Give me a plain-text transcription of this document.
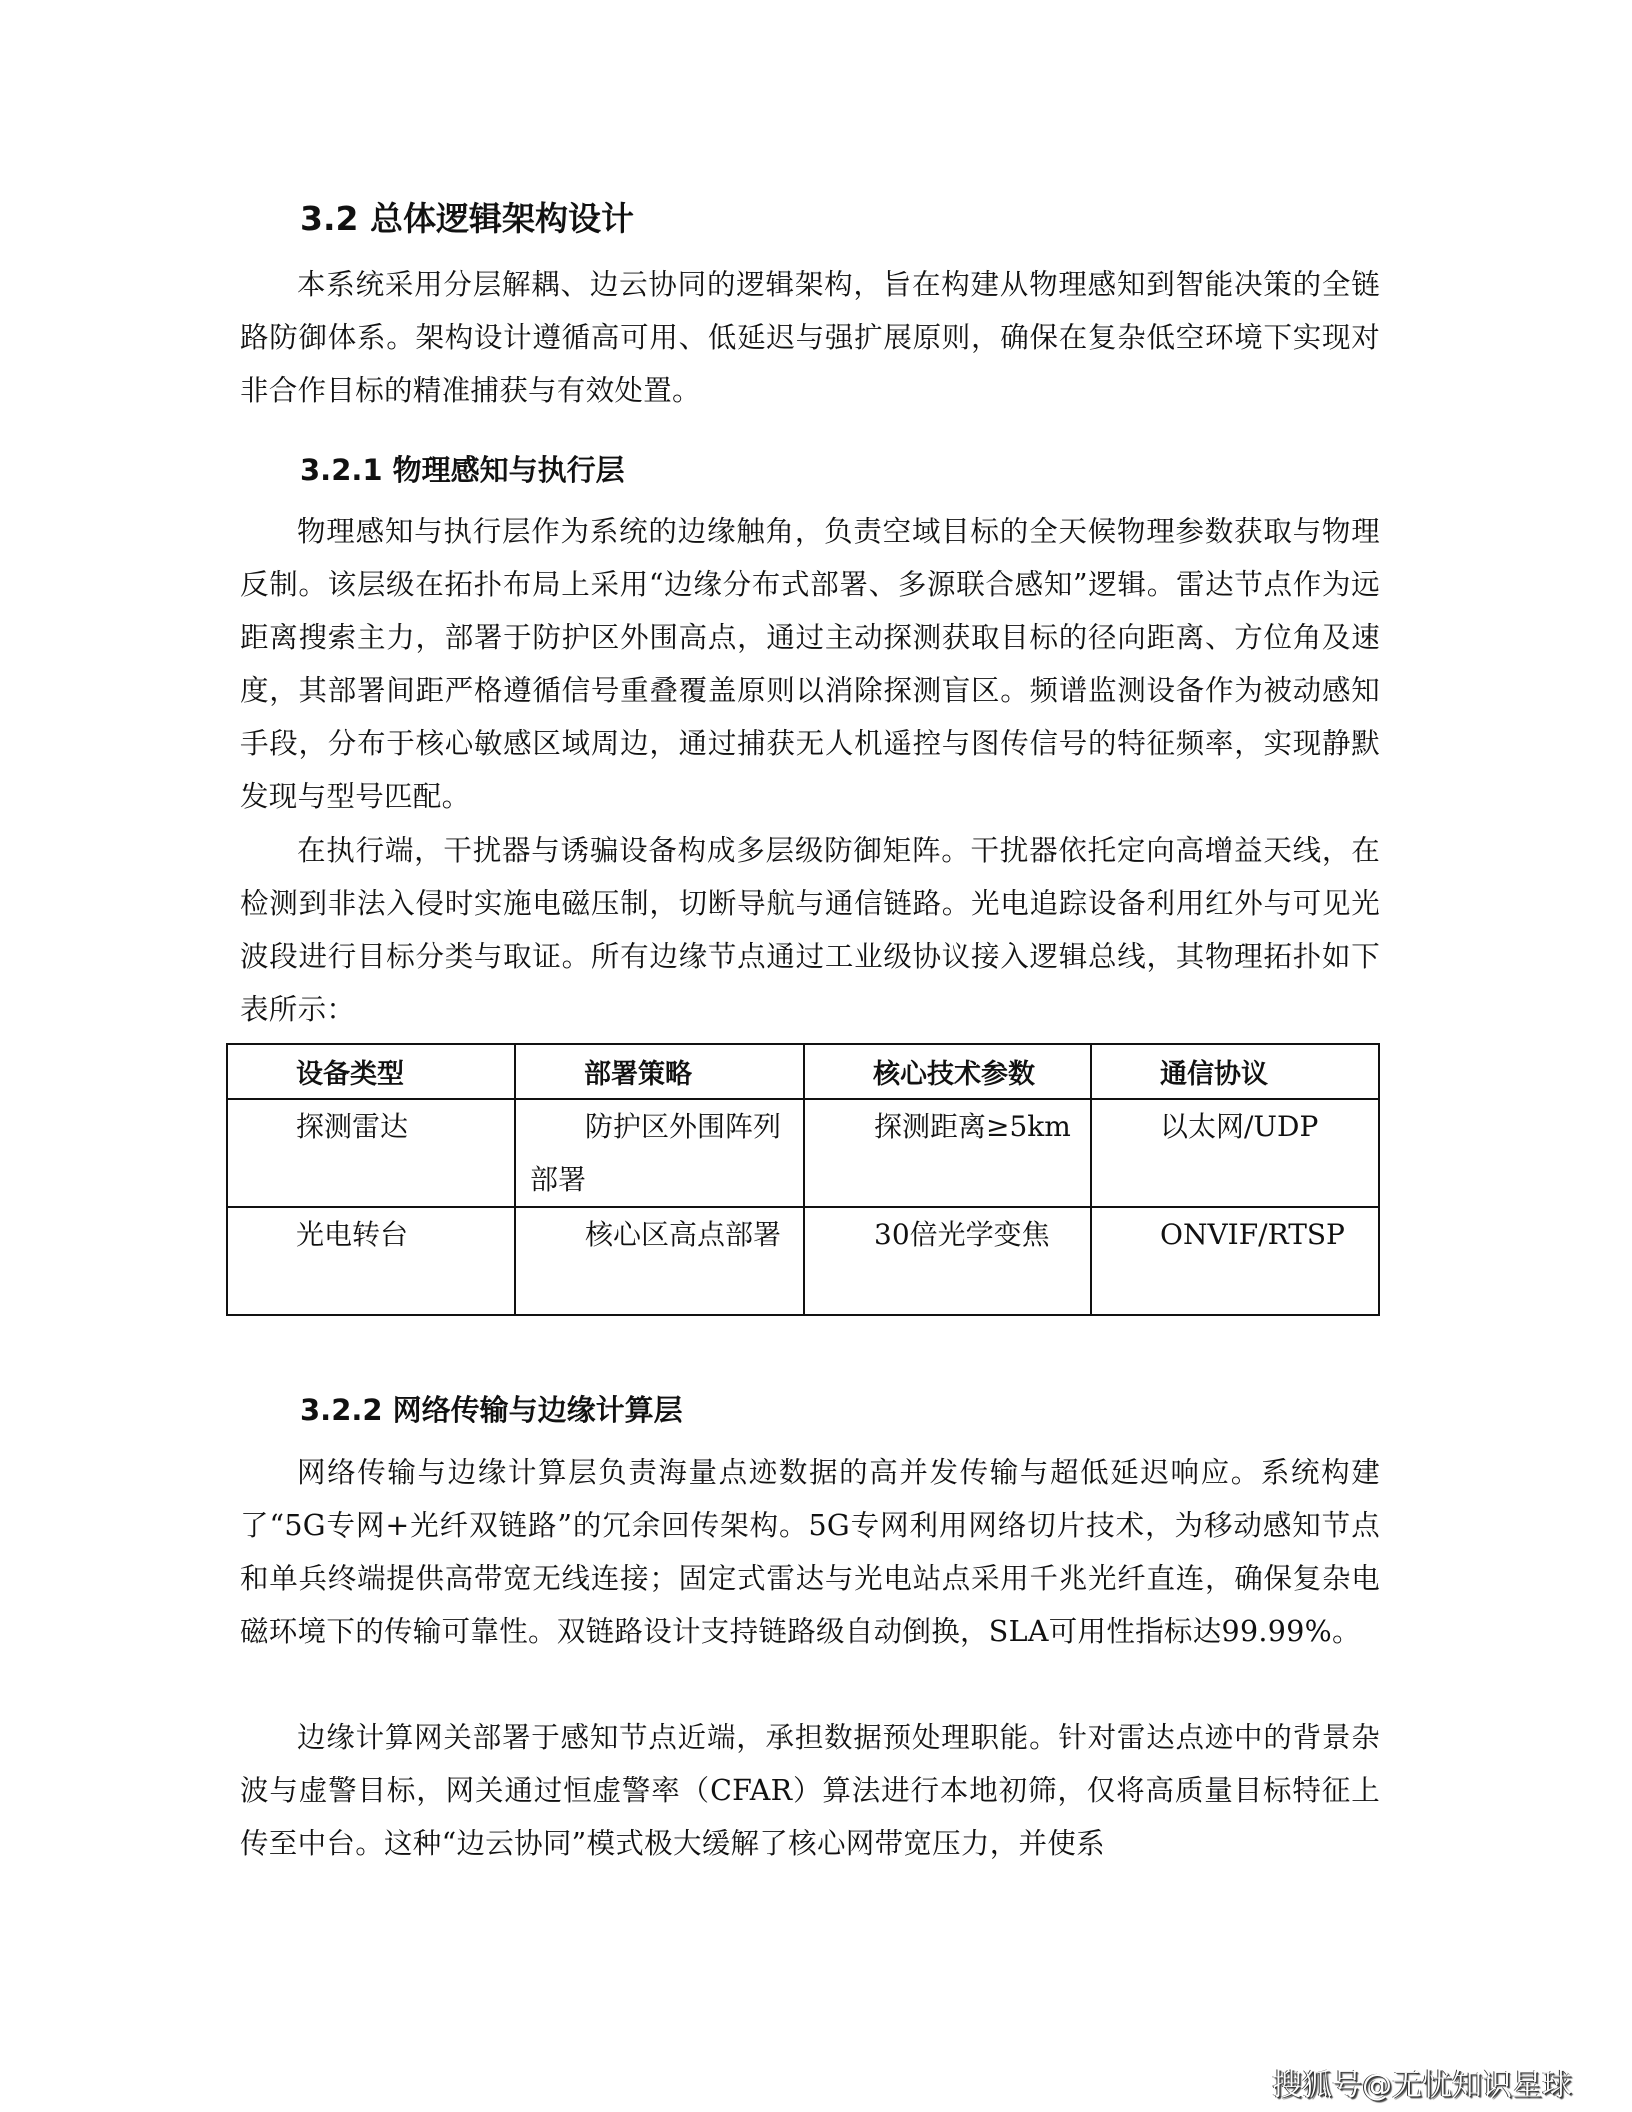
3.2 总体逻辑架构设计

本系统采用分层解耦、边云协同的逻辑架构，旨在构建从物理感知到智能决策的全链路防御体系。架构设计遵循高可用、低延迟与强扩展原则，确保在复杂低空环境下实现对非合作目标的精准捕获与有效处置。

3.2.1 物理感知与执行层

物理感知与执行层作为系统的边缘触角，负责空域目标的全天候物理参数获取与物理反制。该层级在拓扑布局上采用“边缘分布式部署、多源联合感知”逻辑。雷达节点作为远距离搜索主力，部署于防护区外围高点，通过主动探测获取目标的径向距离、方位角及速度，其部署间距严格遵循信号重叠覆盖原则以消除探测盲区。频谱监测设备作为被动感知手段，分布于核心敏感区域周边，通过捕获无人机遥控与图传信号的特征频率，实现静默发现与型号匹配。

在执行端，干扰器与诱骗设备构成多层级防御矩阵。干扰器依托定向高增益天线，在检测到非法入侵时实施电磁压制，切断导航与通信链路。光电追踪设备利用红外与可见光波段进行目标分类与取证。所有边缘节点通过工业级协议接入逻辑总线，其物理拓扑如下表所示：

设备类型	部署策略	核心技术参数	通信协议
探测雷达	防护区外围阵列部署	探测距离≥5km	以太网/UDP
光电转台	核心区高点部署	30倍光学变焦	ONVIF/RTSP
3.2.2 网络传输与边缘计算层

网络传输与边缘计算层负责海量点迹数据的高并发传输与超低延迟响应。系统构建了“5G专网+光纤双链路”的冗余回传架构。5G专网利用网络切片技术，为移动感知节点和单兵终端提供高带宽无线连接；固定式雷达与光电站点采用千兆光纤直连，确保复杂电磁环境下的传输可靠性。双链路设计支持链路级自动倒换，SLA可用性指标达99.99%。

边缘计算网关部署于感知节点近端，承担数据预处理职能。针对雷达点迹中的背景杂波与虚警目标，网关通过恒虚警率（CFAR）算法进行本地初筛，仅将高质量目标特征上传至中台。这种“边云协同”模式极大缓解了核心网带宽压力，并使系

搜狐号@无忧知识星球
